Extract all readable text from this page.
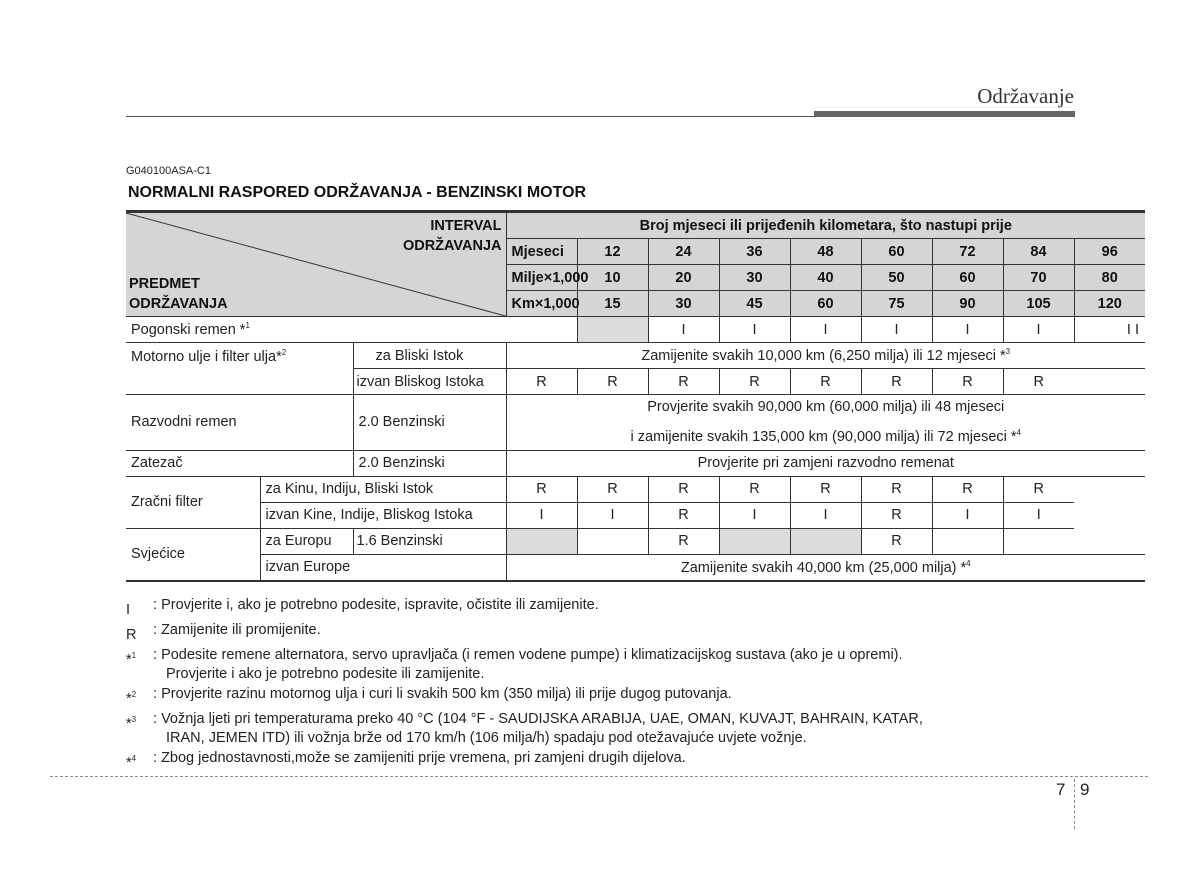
Održavanje
G040100ASA-C1
NORMALNI RASPORED ODRŽAVANJA - BENZINSKI MOTOR
INTERVAL
ODRŽAVANJA
PREDMET
ODRŽAVANJA			Broj mjeseci ili prijeđenih kilometara, što nastupi prije								
			Mjeseci	12	24	36	48	60	72	84	96
			Milje×1,000	10	20	30	40	50	60	70	80
			Km×1,000	15	30	45	60	75	90	105	120
Pogonski remen *$^1$					I	I	I	I	I	I	I I
Motorno ulje i filter ulja*$^2$		za Bliski Istok	Zamijenite svakih 10,000 km (6,250 milja) ili 12 mjeseci *$^3$
		izvan Bliskog Istoka	R	R	R	R	R	R	R	R	
Razvodni remen		2.0 Benzinski	Provjerite svakih 90,000 km (60,000 milja) ili 48 mjeseci
i zamijenite svakih 135,000 km (90,000 milja) ili 72 mjeseci *$^4$

Zatezač		2.0 Benzinski	Provjerite pri zamjeni razvodno remenat								
Zračni filter	za Kinu, Indiju, Bliski Istok		R	R	R	R	R	R	R	R	
	izvan Kine, Indije, Bliskog Istoka		I	I	R	I	I	R	I	I	
Svjećice	za Europu	1.6 Benzinski			R			R			
	izvan Europe		Zamijenite svakih 40,000 km (25,000 milja) *$^4$
I	: Provjerite i, ako je potrebno podesite, ispravite, očistite ili zamijenite.
R	: Zamijenite ili promijenite.
*$^1$	: Podesite remene alternatora, servo upravljača (i remen vodene pumpe) i klimatizacijskog sustava (ako je u opremi).
Provjerite i ako je potrebno podesite ili zamijenite.
*$^2$	: Provjerite razinu motornog ulja i curi li svakih 500 km (350 milja) ili prije dugog putovanja.
*$^3$	: Vožnja ljeti pri temperaturama preko 40 °C (104 °F - SAUDIJSKA ARABIJA, UAE, OMAN, KUVAJT, BAHRAIN, KATAR,
IRAN, JEMEN ITD) ili vožnja brže od 170 km/h (106 milja/h) spadaju pod otežavajuće uvjete vožnje.
*$^4$	: Zbog jednostavnosti,može se zamijeniti prije vremena, pri zamjeni drugih dijelova.
7 9
